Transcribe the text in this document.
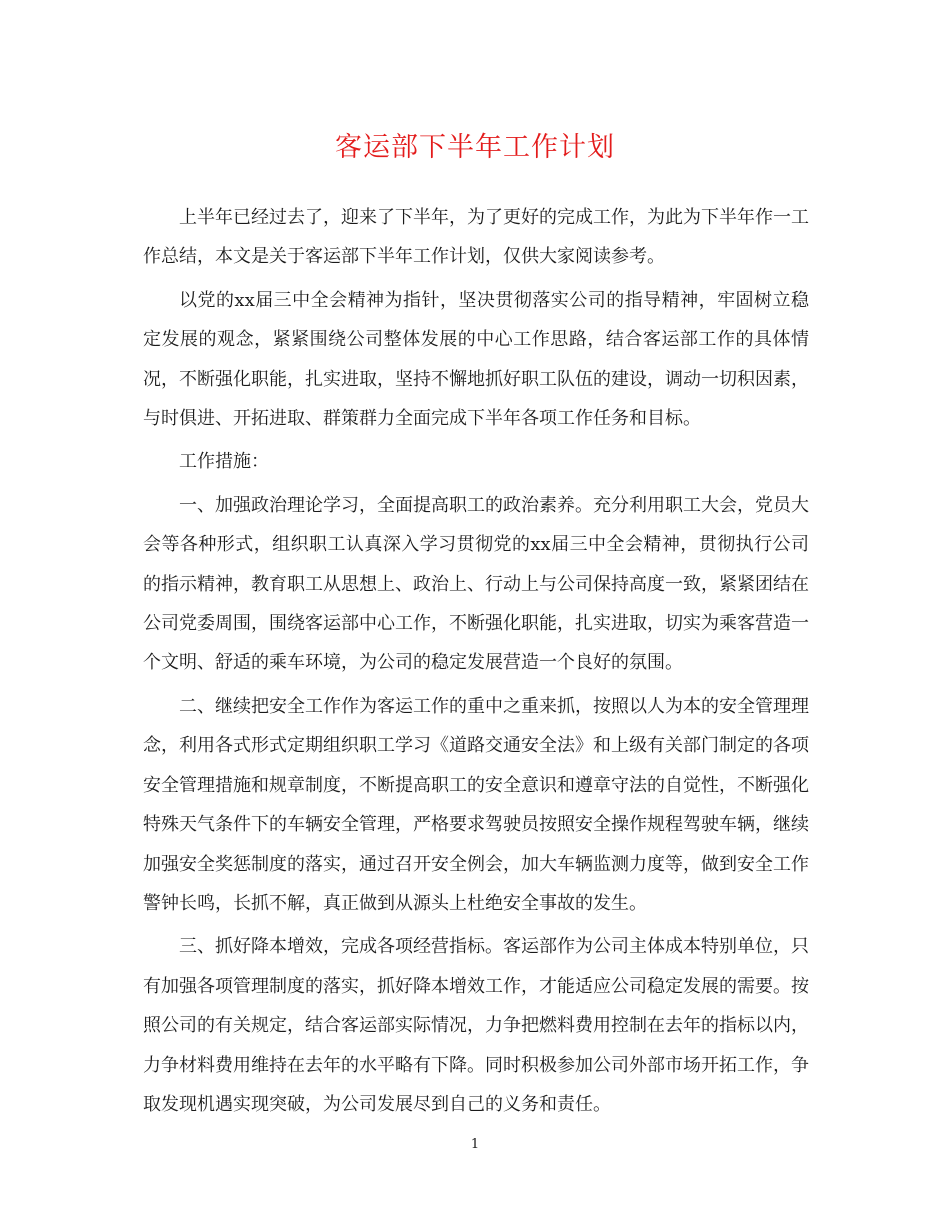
客运部下半年工作计划

上半年已经过去了，迎来了下半年，为了更好的完成工作，为此为下半年作一工作总结，本文是关于客运部下半年工作计划，仅供大家阅读参考。

以党的xx届三中全会精神为指针，坚决贯彻落实公司的指导精神，牢固树立稳定发展的观念，紧紧围绕公司整体发展的中心工作思路，结合客运部工作的具体情况，不断强化职能，扎实进取，坚持不懈地抓好职工队伍的建设，调动一切积因素，与时俱进、开拓进取、群策群力全面完成下半年各项工作任务和目标。

工作措施：

一、加强政治理论学习，全面提高职工的政治素养。充分利用职工大会，党员大会等各种形式，组织职工认真深入学习贯彻党的xx届三中全会精神，贯彻执行公司的指示精神，教育职工从思想上、政治上、行动上与公司保持高度一致，紧紧团结在公司党委周围，围绕客运部中心工作，不断强化职能，扎实进取，切实为乘客营造一个文明、舒适的乘车环境，为公司的稳定发展营造一个良好的氛围。

二、继续把安全工作作为客运工作的重中之重来抓，按照以人为本的安全管理理念，利用各式形式定期组织职工学习《道路交通安全法》和上级有关部门制定的各项安全管理措施和规章制度，不断提高职工的安全意识和遵章守法的自觉性，不断强化特殊天气条件下的车辆安全管理，严格要求驾驶员按照安全操作规程驾驶车辆，继续加强安全奖惩制度的落实，通过召开安全例会，加大车辆监测力度等，做到安全工作警钟长鸣，长抓不解，真正做到从源头上杜绝安全事故的发生。

三、抓好降本增效，完成各项经营指标。客运部作为公司主体成本特别单位，只有加强各项管理制度的落实，抓好降本增效工作，才能适应公司稳定发展的需要。按照公司的有关规定，结合客运部实际情况，力争把燃料费用控制在去年的指标以内，力争材料费用维持在去年的水平略有下降。同时积极参加公司外部市场开拓工作，争取发现机遇实现突破，为公司发展尽到自己的义务和责任。

1
